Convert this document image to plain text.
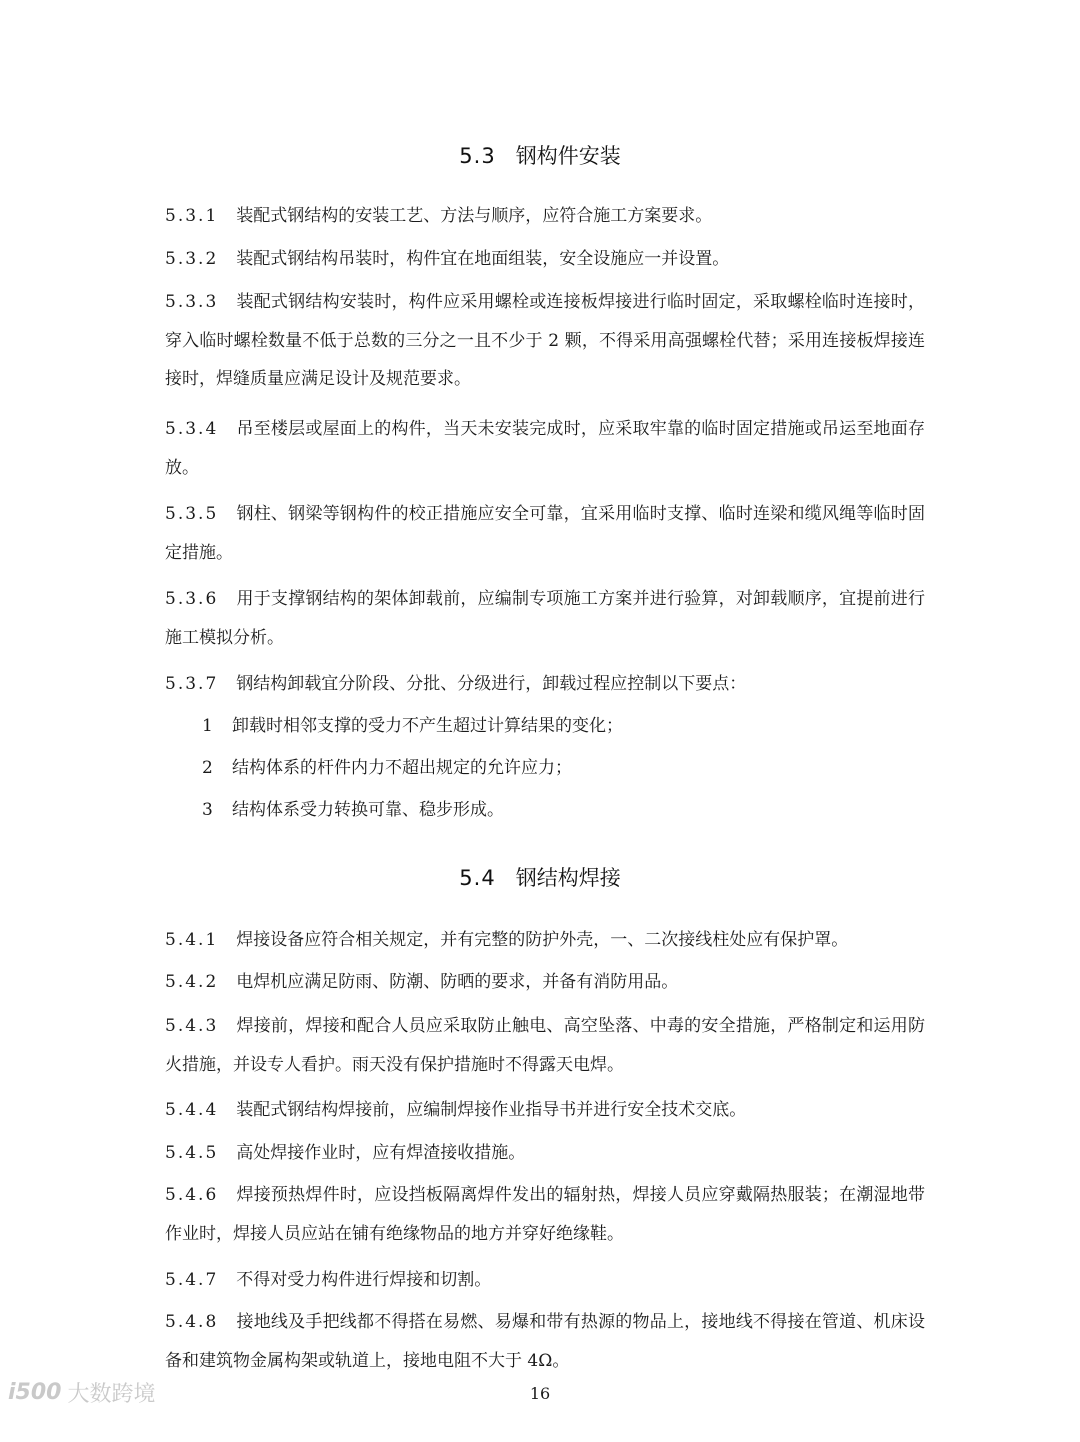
5.3 钢构件安装
5.3.1 装配式钢结构的安装工艺、方法与顺序，应符合施工方案要求。
5.3.2 装配式钢结构吊装时，构件宜在地面组装，安全设施应一并设置。
5.3.3 装配式钢结构安装时，构件应采用螺栓或连接板焊接进行临时固定，采取螺栓临时连接时，穿入临时螺栓数量不低于总数的三分之一且不少于 2 颗，不得采用高强螺栓代替；采用连接板焊接连接时，焊缝质量应满足设计及规范要求。
5.3.4 吊至楼层或屋面上的构件，当天未安装完成时，应采取牢靠的临时固定措施或吊运至地面存放。
5.3.5 钢柱、钢梁等钢构件的校正措施应安全可靠，宜采用临时支撑、临时连梁和缆风绳等临时固定措施。
5.3.6 用于支撑钢结构的架体卸载前，应编制专项施工方案并进行验算，对卸载顺序，宜提前进行施工模拟分析。
5.3.7 钢结构卸载宜分阶段、分批、分级进行，卸载过程应控制以下要点：
1 卸载时相邻支撑的受力不产生超过计算结果的变化；
2 结构体系的杆件内力不超出规定的允许应力；
3 结构体系受力转换可靠、稳步形成。
5.4 钢结构焊接
5.4.1 焊接设备应符合相关规定，并有完整的防护外壳，一、二次接线柱处应有保护罩。
5.4.2 电焊机应满足防雨、防潮、防晒的要求，并备有消防用品。
5.4.3 焊接前，焊接和配合人员应采取防止触电、高空坠落、中毒的安全措施，严格制定和运用防火措施，并设专人看护。雨天没有保护措施时不得露天电焊。
5.4.4 装配式钢结构焊接前，应编制焊接作业指导书并进行安全技术交底。
5.4.5 高处焊接作业时，应有焊渣接收措施。
5.4.6 焊接预热焊件时，应设挡板隔离焊件发出的辐射热，焊接人员应穿戴隔热服装；在潮湿地带作业时，焊接人员应站在铺有绝缘物品的地方并穿好绝缘鞋。
5.4.7 不得对受力构件进行焊接和切割。
5.4.8 接地线及手把线都不得搭在易燃、易爆和带有热源的物品上，接地线不得接在管道、机床设备和建筑物金属构架或轨道上，接地电阻不大于 4Ω。
i500 大数跨境	16
